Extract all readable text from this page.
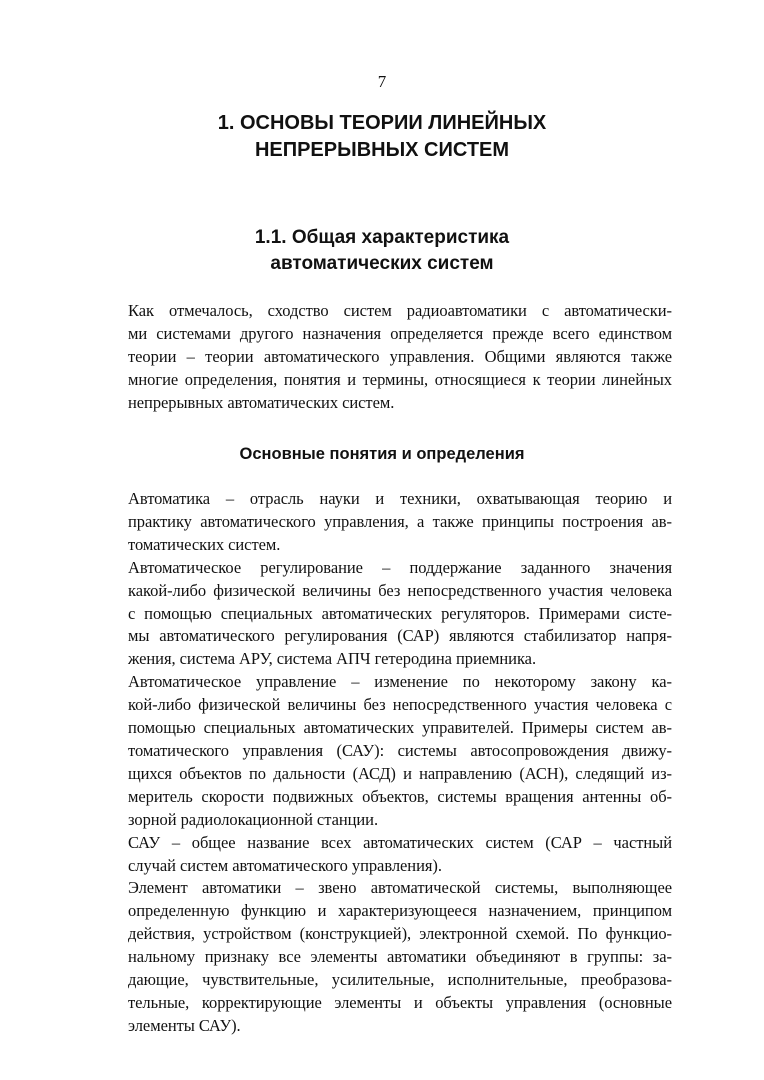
7
1. ОСНОВЫ ТЕОРИИ ЛИНЕЙНЫХ
НЕПРЕРЫВНЫХ СИСТЕМ
1.1. Общая характеристика
автоматических систем

Как отмечалось, сходство систем радиоавтоматики с автоматически-
ми системами другого назначения определяется прежде всего единством
теории – теории автоматического управления. Общими являются также
многие определения, понятия и термины, относящиеся к теории линейных
непрерывных автоматических систем.

Основные понятия и определения

Автоматика – отрасль науки и техники, охватывающая теорию и
практику автоматического управления, а также принципы построения ав-
томатических систем.

Автоматическое регулирование – поддержание заданного значения
какой-либо физической величины без непосредственного участия человека
с помощью специальных автоматических регуляторов. Примерами систе-
мы автоматического регулирования (САР) являются стабилизатор напря-
жения, система АРУ, система АПЧ гетеродина приемника.

Автоматическое управление – изменение по некоторому закону ка-
кой-либо физической величины без непосредственного участия человека с
помощью специальных автоматических управителей. Примеры систем ав-
томатического управления (САУ): системы автосопровождения движу-
щихся объектов по дальности (АСД) и направлению (АСН), следящий из-
меритель скорости подвижных объектов, системы вращения антенны об-
зорной радиолокационной станции.

САУ – общее название всех автоматических систем (САР – частный
случай систем автоматического управления).

Элемент автоматики – звено автоматической системы, выполняющее
определенную функцию и характеризующееся назначением, принципом
действия, устройством (конструкцией), электронной схемой. По функцио-
нальному признаку все элементы автоматики объединяют в группы: за-
дающие, чувствительные, усилительные, исполнительные, преобразова-
тельные, корректирующие элементы и объекты управления (основные
элементы САУ).
